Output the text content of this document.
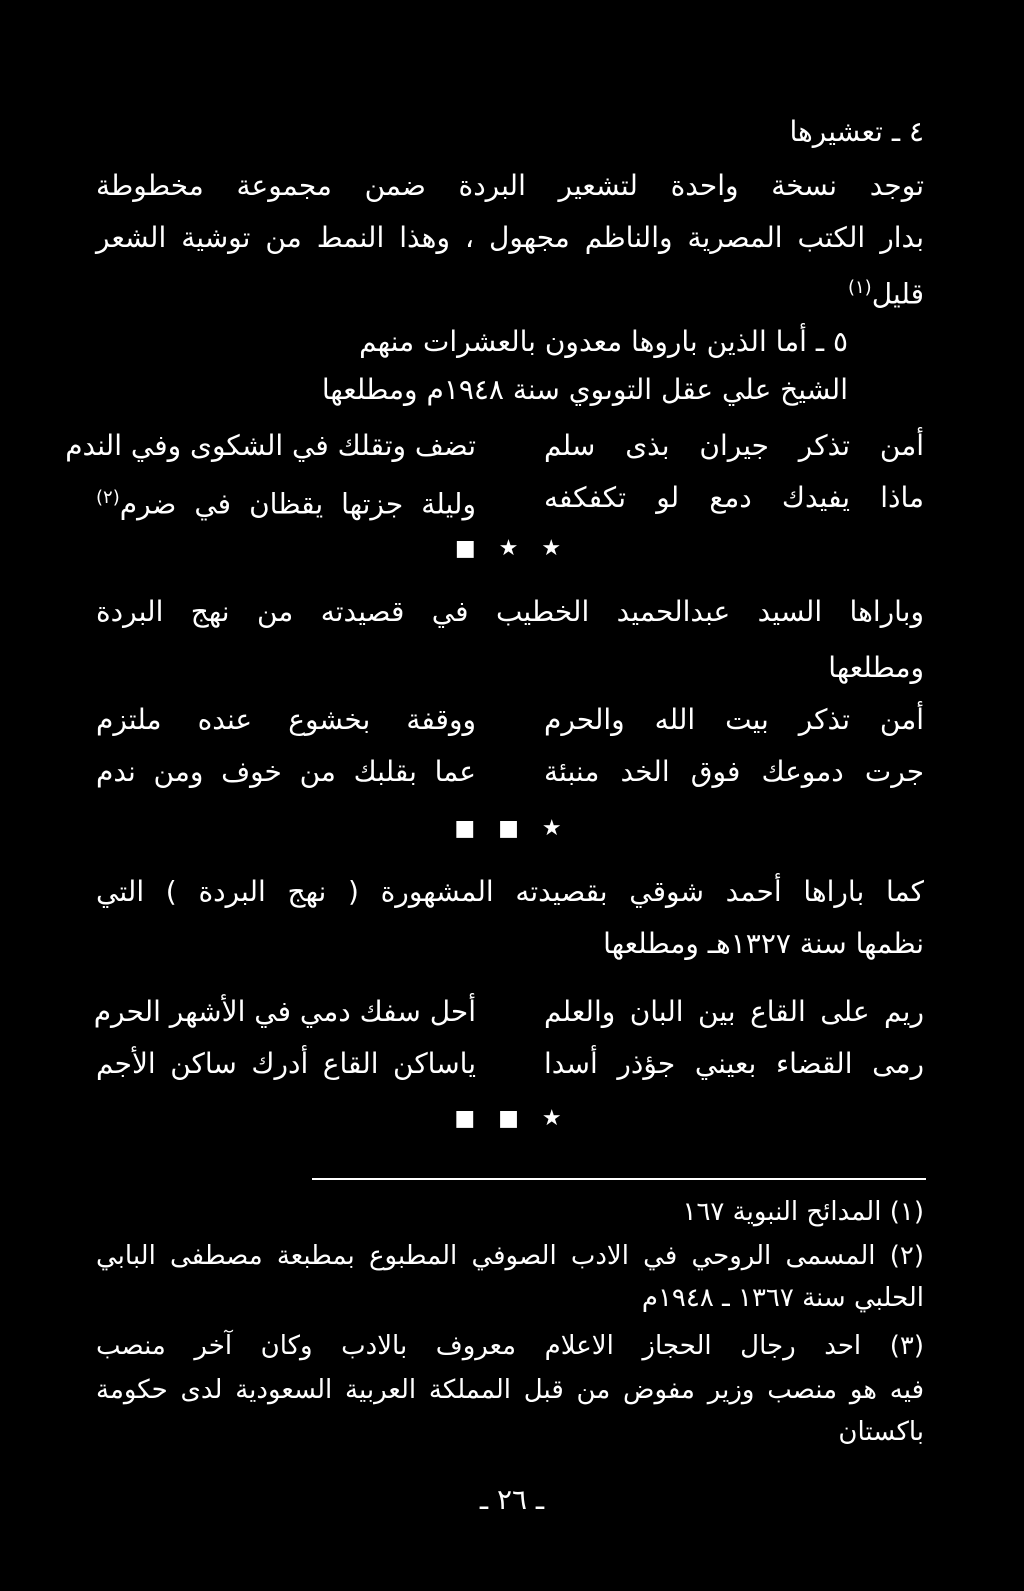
٤ ـ تعشيرها
توجد نسخة واحدة لتشعير البردة ضمن مجموعة مخطوطة
بدار الكتب المصرية والناظم مجهول ، وهذا النمط من توشية الشعر
قليل$^{(١)}$
٥ ـ أما الذين باروها معدون بالعشرات منهم
الشيخ علي عقل التوىوي سنة ١٩٤٨م ومطلعها
أمن تذكر جيران بذى سلم
تضف وتقلك في الشكوى وفي الندم
ماذا يفيدك دمع لو تكفكفه
وليلة جزتها يقظان في ضرم$^{(٢)}$
■ ★ ★
وباراها السيد عبدالحميد الخطيب في قصيدته من نهج البردة
ومطلعها
أمن تذكر بيت الله والحرم
ووقفة بخشوع عنده ملتزم
جرت دموعك فوق الخد منبئة
عما بقلبك من خوف ومن ندم
■ ■ ★
كما باراها أحمد شوقي بقصيدته المشهورة ( نهج البردة ) التي
نظمها سنة ١٣٢٧هـ ومطلعها
ريم على القاع بين البان والعلم
أحل سفك دمي في الأشهر الحرم
رمى القضاء بعيني جؤذر أسدا
ياساكن القاع أدرك ساكن الأجم
■ ■ ★
(١) المدائح النبوية ١٦٧
(٢) المسمى الروحي في الادب الصوفي المطبوع بمطبعة مصطفى البابي
الحلبي سنة ١٣٦٧ ـ ١٩٤٨م
(٣) احد رجال الحجاز الاعلام معروف بالادب وكان آخر منصب
فيه هو منصب وزير مفوض من قبل المملكة العربية السعودية لدى حكومة
باكستان
ـ ٢٦ ـ
